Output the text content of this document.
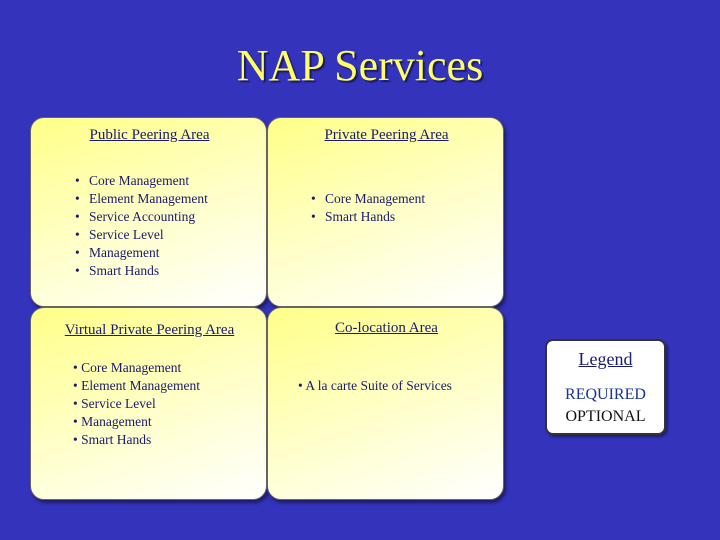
NAP Services
Public Peering Area
• Core Management
• Element Management
• Service Accounting
• Service Level
• Management
• Smart Hands
Private Peering Area
• Core Management
• Smart Hands
Virtual Private Peering Area
• Core Management
• Element Management
• Service Level
• Management
• Smart Hands
Co-location Area
• A la carte Suite of Services
Legend
REQUIRED
OPTIONAL
